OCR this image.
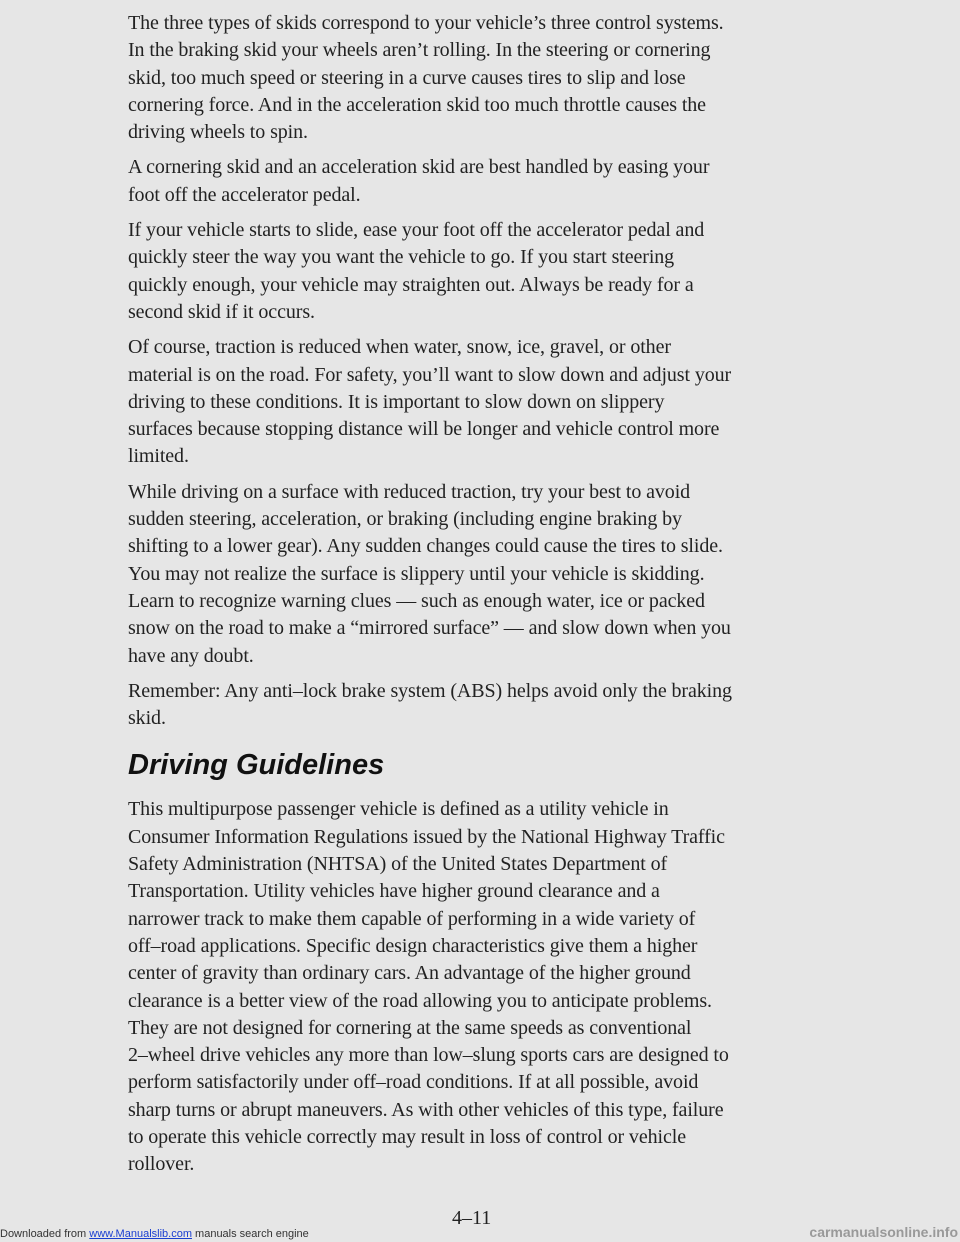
The three types of skids correspond to your vehicle’s three control systems.

In the braking skid your wheels aren’t rolling. In the steering or cornering

skid, too much speed or steering in a curve causes tires to slip and lose

cornering force. And in the acceleration skid too much throttle causes the

driving wheels to spin.

A cornering skid and an acceleration skid are best handled by easing your

foot off the accelerator pedal.

If your vehicle starts to slide, ease your foot off the accelerator pedal and

quickly steer the way you want the vehicle to go. If you start steering

quickly enough, your vehicle may straighten out. Always be ready for a

second skid if it occurs.

Of course, traction is reduced when water, snow, ice, gravel, or other

material is on the road. For safety, you’ll want to slow down and adjust your

driving to these conditions. It is important to slow down on slippery

surfaces because stopping distance will be longer and vehicle control more

limited.

While driving on a surface with reduced traction, try your best to avoid

sudden steering, acceleration, or braking (including engine braking by

shifting to a lower gear). Any sudden changes could cause the tires to slide.

You may not realize the surface is slippery until your vehicle is skidding.

Learn to recognize warning clues — such as enough water, ice or packed

snow on the road to make a “mirrored surface” — and slow down when you

have any doubt.

Remember: Any anti–lock brake system (ABS) helps avoid only the braking

skid.

Driving Guidelines

This multipurpose passenger vehicle is defined as a utility vehicle in

Consumer Information Regulations issued by the National Highway Traffic

Safety Administration (NHTSA) of the United States Department of

Transportation. Utility vehicles have higher ground clearance and a

narrower track to make them capable of performing in a wide variety of

off–road applications. Specific design characteristics give them a higher

center of gravity than ordinary cars. An advantage of the higher ground

clearance is a better view of the road allowing you to anticipate problems.

They are not designed for cornering at the same speeds as conventional

2–wheel drive vehicles any more than low–slung sports cars are designed to

perform satisfactorily under off–road conditions. If at all possible, avoid

sharp turns or abrupt maneuvers. As with other vehicles of this type, failure

to operate this vehicle correctly may result in loss of control or vehicle

rollover.

4–11
Downloaded from www.Manualslib.com manuals search engine	carmanualsonline.info
